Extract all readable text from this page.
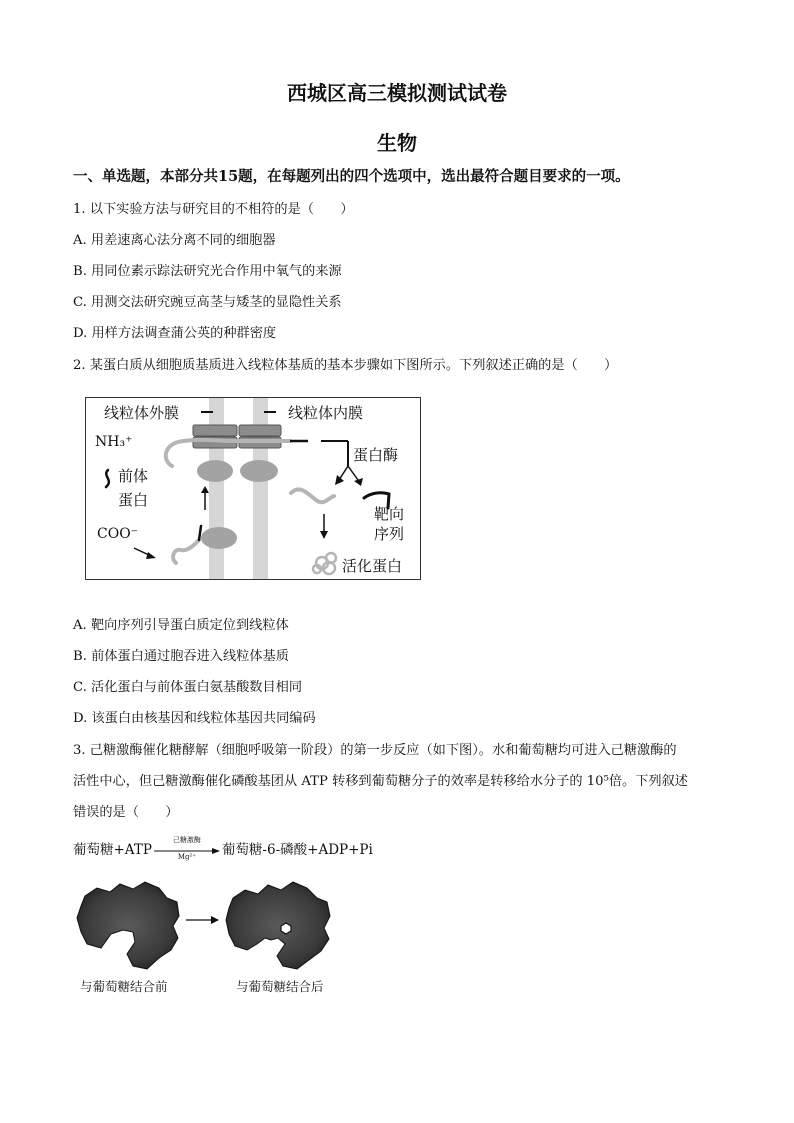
西城区高三模拟测试试卷
生物
一、单选题，本部分共15题，在每题列出的四个选项中，选出最符合题目要求的一项。
1. 以下实验方法与研究目的不相符的是（　　）
A. 用差速离心法分离不同的细胞器
B. 用同位素示踪法研究光合作用中氧气的来源
C. 用测交法研究豌豆高茎与矮茎的显隐性关系
D. 用样方法调查蒲公英的种群密度
2. 某蛋白质从细胞质基质进入线粒体基质的基本步骤如下图所示。下列叙述正确的是（　　）
线粒体外膜	线粒体内膜
NH₃⁺
前体
蛋白
COO⁻
蛋白酶
靶向
序列
活化蛋白
A. 靶向序列引导蛋白质定位到线粒体
B. 前体蛋白通过胞吞进入线粒体基质
C. 活化蛋白与前体蛋白氨基酸数目相同
D. 该蛋白由核基因和线粒体基因共同编码
3. 己糖激酶催化糖酵解（细胞呼吸第一阶段）的第一步反应（如下图）。水和葡萄糖均可进入己糖激酶的
活性中心，但己糖激酶催化磷酸基团从 ATP 转移到葡萄糖分子的效率是转移给水分子的 10⁵倍。下列叙述
错误的是（　　）
葡萄糖+ATP
己糖激酶
Mg²⁺	葡萄糖-6-磷酸+ADP+Pi
与葡萄糖结合前	与葡萄糖结合后
